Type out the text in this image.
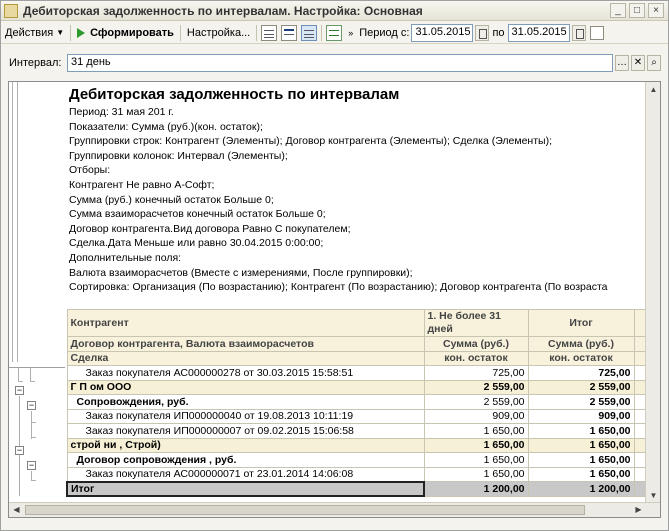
Дебиторская задолженность по интервалам. Настройка: Основная	_	□	×
Действия ▼ Сформировать Настройка...	» Период с: 31.05.2015 по 31.05.2015
Интервал: 31 день	… ✕ ⌕
−
−
−
−
Дебиторская задолженность по интервалам
Период: 31 мая 201 г.
Показатели: Сумма (руб.)(кон. остаток);
Группировки строк: Контрагент (Элементы); Договор контрагента (Элементы); Сделка (Элементы);
Группировки колонок: Интервал (Элементы);
Отборы:
Контрагент Не равно А-Софт;
Сумма (руб.) конечный остаток Больше 0;
Сумма взаиморасчетов конечный остаток Больше 0;
Договор контрагента.Вид договора Равно С покупателем;
Сделка.Дата Меньше или равно 30.04.2015 0:00:00;
Дополнительные поля:
Валюта взаиморасчетов (Вместе с измерениями, После группировки);
Сортировка: Организация (По возрастанию); Контрагент (По возрастанию); Договор контрагента (По возраста
Контрагент	1. Не более 31 дней	Итог	
Договор контрагента, Валюта взаиморасчетов	Сумма (руб.)	Сумма (руб.)	
Сделка	кон. остаток	кон. остаток	
Заказ покупателя АС000000278 от 30.03.2015 15:58:51	725,00	725,00	
Г П ом ООО	2 559,00	2 559,00	
Сопровождения, руб.	2 559,00	2 559,00	
Заказ покупателя ИП000000040 от 19.08.2013 10:11:19	909,00	909,00	
Заказ покупателя ИП000000007 от 09.02.2015 15:06:58	1 650,00	1 650,00	
строй ни , Строй)	1 650,00	1 650,00	
Договор сопровождения , руб.	1 650,00	1 650,00	
Заказ покупателя АС000000071 от 23.01.2014 14:06:08	1 650,00	1 650,00	
Итог	1 200,00	1 200,00	
▲
▼
◀	▶
